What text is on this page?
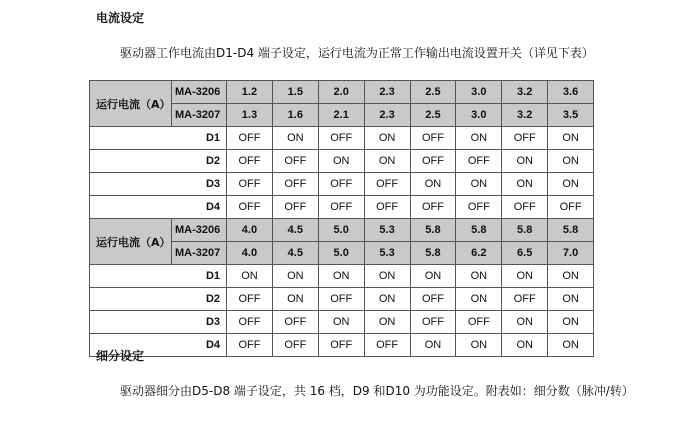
电流设定
驱动器工作电流由D1-D4 端子设定，运行电流为正常工作输出电流设置开关（详见下表）
运行电流（A）	MA-3206	1.2	1.5	2.0	2.3	2.5	3.0	3.2	3.6
	MA-3207	1.3	1.6	2.1	2.3	2.5	3.0	3.2	3.5
D1		OFF	ON	OFF	ON	OFF	ON	OFF	ON
D2		OFF	OFF	ON	ON	OFF	OFF	ON	ON
D3		OFF	OFF	OFF	OFF	ON	ON	ON	ON
D4		OFF	OFF	OFF	OFF	OFF	OFF	OFF	OFF
运行电流（A）	MA-3206	4.0	4.5	5.0	5.3	5.8	5.8	5.8	5.8
	MA-3207	4.0	4.5	5.0	5.3	5.8	6.2	6.5	7.0
D1		ON	ON	ON	ON	ON	ON	ON	ON
D2		OFF	ON	OFF	ON	OFF	ON	OFF	ON
D3		OFF	OFF	ON	ON	OFF	OFF	ON	ON
D4		OFF	OFF	OFF	OFF	ON	ON	ON	ON
细分设定
驱动器细分由D5-D8 端子设定，共 16 档，D9 和D10 为功能设定。附表如：细分数（脉冲/转）
